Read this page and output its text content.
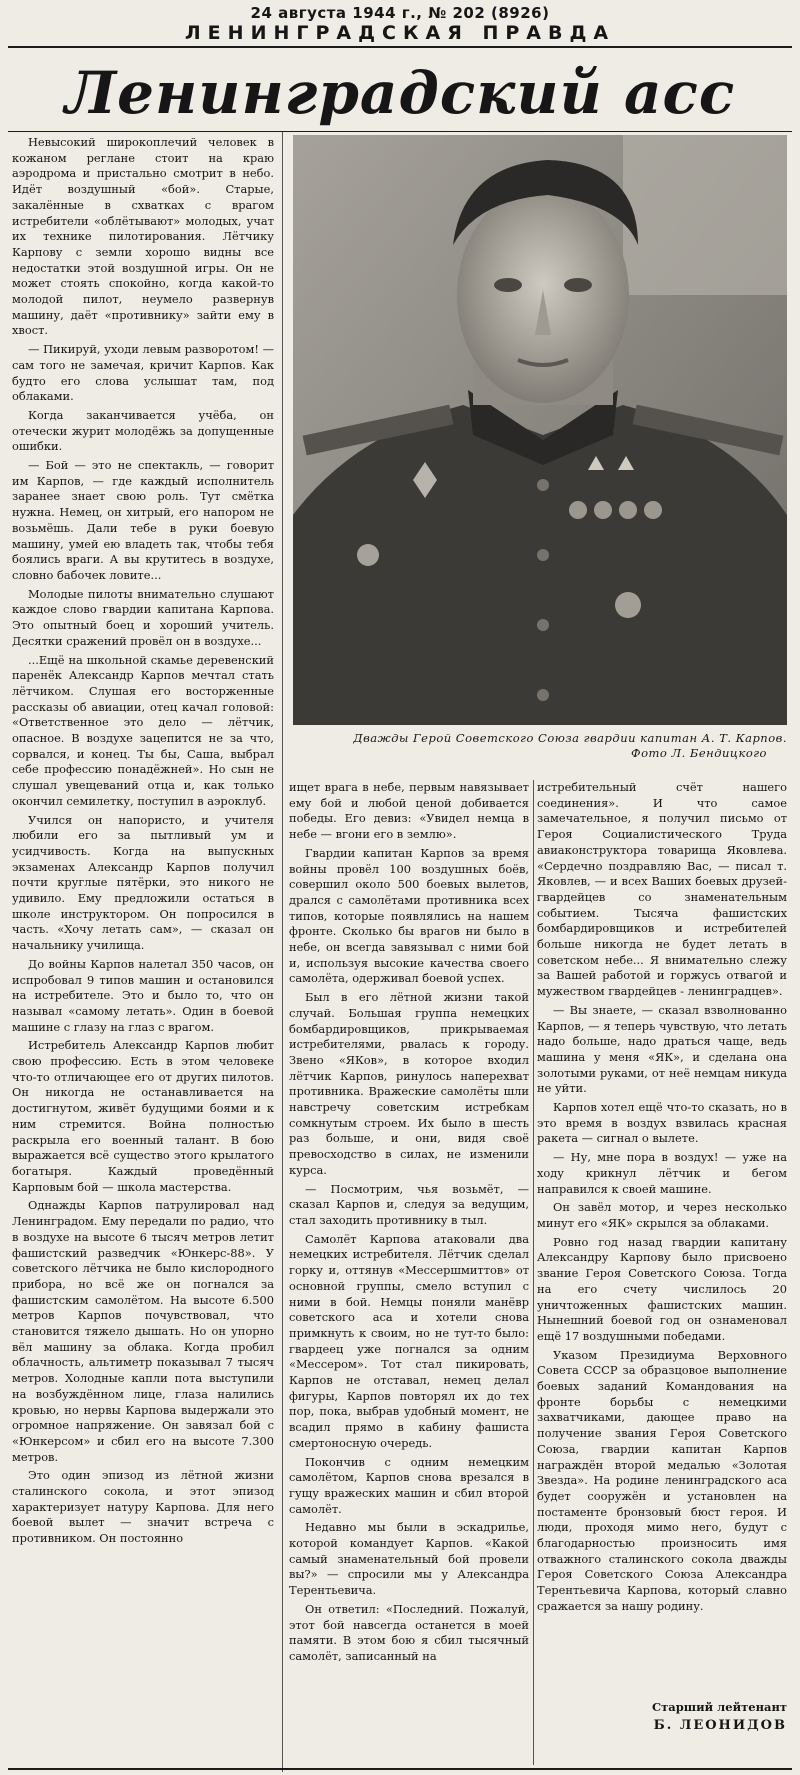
24 августа 1944 г., № 202 (8926)
ЛЕНИНГРАДСКАЯ ПРАВДА
Ленинградский асс

Невысокий широкоплечий человек в кожаном реглане стоит на краю аэродрома и пристально смотрит в небо. Идёт воздушный «бой». Старые, закалённые в схватках с врагом истребители «облётывают» молодых, учат их технике пилотирования. Лётчику Карпову с земли хорошо видны все недостатки этой воздушной игры. Он не может стоять спокойно, когда какой-то молодой пилот, неумело развернув машину, даёт «противнику» зайти ему в хвост.

— Пикируй, уходи левым разворотом! — сам того не замечая, кричит Карпов. Как будто его слова услышат там, под облаками.

Когда заканчивается учёба, он отечески журит молодёжь за допущенные ошибки.

— Бой — это не спектакль, — говорит им Карпов, — где каждый исполнитель заранее знает свою роль. Тут смётка нужна. Немец, он хитрый, его напором не возьмёшь. Дали тебе в руки боевую машину, умей ею владеть так, чтобы тебя боялись враги. А вы крутитесь в воздухе, словно бабочек ловите...

Молодые пилоты внимательно слушают каждое слово гвардии капитана Карпова. Это опытный боец и хороший учитель. Десятки сражений провёл он в воздухе...

...Ещё на школьной скамье деревенский паренёк Александр Карпов мечтал стать лётчиком. Слушая его восторженные рассказы об авиации, отец качал головой: «Ответственное это дело — лётчик, опасное. В воздухе зацепится не за что, сорвался, и конец. Ты бы, Саша, выбрал себе профессию понадёжней». Но сын не слушал увещеваний отца и, как только окончил семилетку, поступил в аэроклуб.

Учился он напористо, и учителя любили его за пытливый ум и усидчивость. Когда на выпускных экзаменах Александр Карпов получил почти круглые пятёрки, это никого не удивило. Ему предложили остаться в школе инструктором. Он попросился в часть. «Хочу летать сам», — сказал он начальнику училища.

До войны Карпов налетал 350 часов, он испробовал 9 типов машин и остановился на истребителе. Это и было то, что он называл «самому летать». Один в боевой машине с глазу на глаз с врагом.

Истребитель Александр Карпов любит свою профессию. Есть в этом человеке что-то отличающее его от других пилотов. Он никогда не останавливается на достигнутом, живёт будущими боями и к ним стремится. Война полностью раскрыла его военный талант. В бою выражается всё существо этого крылатого богатыря. Каждый проведённый Карповым бой — школа мастерства.

Однажды Карпов патрулировал над Ленинградом. Ему передали по радио, что в воздухе на высоте 6 тысяч метров летит фашистский разведчик «Юнкерс-88». У советского лётчика не было кислородного прибора, но всё же он погнался за фашистским самолётом. На высоте 6.500 метров Карпов почувствовал, что становится тяжело дышать. Но он упорно вёл машину за облака. Когда пробил облачность, альтиметр показывал 7 тысяч метров. Холодные капли пота выступили на возбуждённом лице, глаза налились кровью, но нервы Карпова выдержали это огромное напряжение. Он завязал бой с «Юнкерсом» и сбил его на высоте 7.300 метров.

Это один эпизод из лётной жизни сталинского сокола, и этот эпизод характеризует натуру Карпова. Для него боевой вылет — значит встреча с противником. Он постоянно

Дважды Герой Советского Союза гвардии капитан А. Т. Карпов.
Фото Л. Бендицкого

ищет врага в небе, первым навязывает ему бой и любой ценой добивается победы. Его девиз: «Увидел немца в небе — вгони его в землю».

Гвардии капитан Карпов за время войны провёл 100 воздушных боёв, совершил около 500 боевых вылетов, дрался с самолётами противника всех типов, которые появлялись на нашем фронте. Сколько бы врагов ни было в небе, он всегда завязывал с ними бой и, используя высокие качества своего самолёта, одерживал боевой успех.

Был в его лётной жизни такой случай. Большая группа немецких бомбардировщиков, прикрываемая истребителями, рвалась к городу. Звено «ЯКов», в которое входил лётчик Карпов, ринулось наперехват противника. Вражеские самолёты шли навстречу советским истребкам сомкнутым строем. Их было в шесть раз больше, и они, видя своё превосходство в силах, не изменили курса.

— Посмотрим, чья возьмёт, — сказал Карпов и, следуя за ведущим, стал заходить противнику в тыл.

Самолёт Карпова атаковали два немецких истребителя. Лётчик сделал горку и, оттянув «Мессершмиттов» от основной группы, смело вступил с ними в бой. Немцы поняли манёвр советского аса и хотели снова примкнуть к своим, но не тут-то было: гвардеец уже погнался за одним «Мессером». Тот стал пикировать, Карпов не отставал, немец делал фигуры, Карпов повторял их до тех пор, пока, выбрав удобный момент, не всадил прямо в кабину фашиста смертоносную очередь.

Покончив с одним немецким самолётом, Карпов снова врезался в гущу вражеских машин и сбил второй самолёт.

Недавно мы были в эскадрилье, которой командует Карпов. «Какой самый знаменательный бой провели вы?» — спросили мы у Александра Терентьевича.

Он ответил: «Последний. Пожалуй, этот бой навсегда останется в моей памяти. В этом бою я сбил тысячный самолёт, записанный на

истребительный счёт нашего соединения». И что самое замечательное, я получил письмо от Героя Социалистического Труда авиаконструктора товарища Яковлева. «Сердечно поздравляю Вас, — писал т. Яковлев, — и всех Ваших боевых друзей-гвардейцев со знаменательным событием. Тысяча фашистских бомбардировщиков и истребителей больше никогда не будет летать в советском небе... Я внимательно слежу за Вашей работой и горжусь отвагой и мужеством гвардейцев - ленинградцев».

— Вы знаете, — сказал взволнованно Карпов, — я теперь чувствую, что летать надо больше, надо драться чаще, ведь машина у меня «ЯК», и сделана она золотыми руками, от неё немцам никуда не уйти.

Карпов хотел ещё что-то сказать, но в это время в воздух взвилась красная ракета — сигнал о вылете.

— Ну, мне пора в воздух! — уже на ходу крикнул лётчик и бегом направился к своей машине.

Он завёл мотор, и через несколько минут его «ЯК» скрылся за облаками.

Ровно год назад гвардии капитану Александру Карпову было присвоено звание Героя Советского Союза. Тогда на его счету числилось 20 уничтоженных фашистских машин. Нынешний боевой год он ознаменовал ещё 17 воздушными победами.

Указом Президиума Верховного Совета СССР за образцовое выполнение боевых заданий Командования на фронте борьбы с немецкими захватчиками, дающее право на получение звания Героя Советского Союза, гвардии капитан Карпов награждён второй медалью «Золотая Звезда». На родине ленинградского аса будет сооружён и установлен на постаменте бронзовый бюст героя. И люди, проходя мимо него, будут с благодарностью произносить имя отважного сталинского сокола дважды Героя Советского Союза Александра Терентьевича Карпова, который славно сражается за нашу родину.

Старший лейтенант
Б. ЛЕОНИДОВ
